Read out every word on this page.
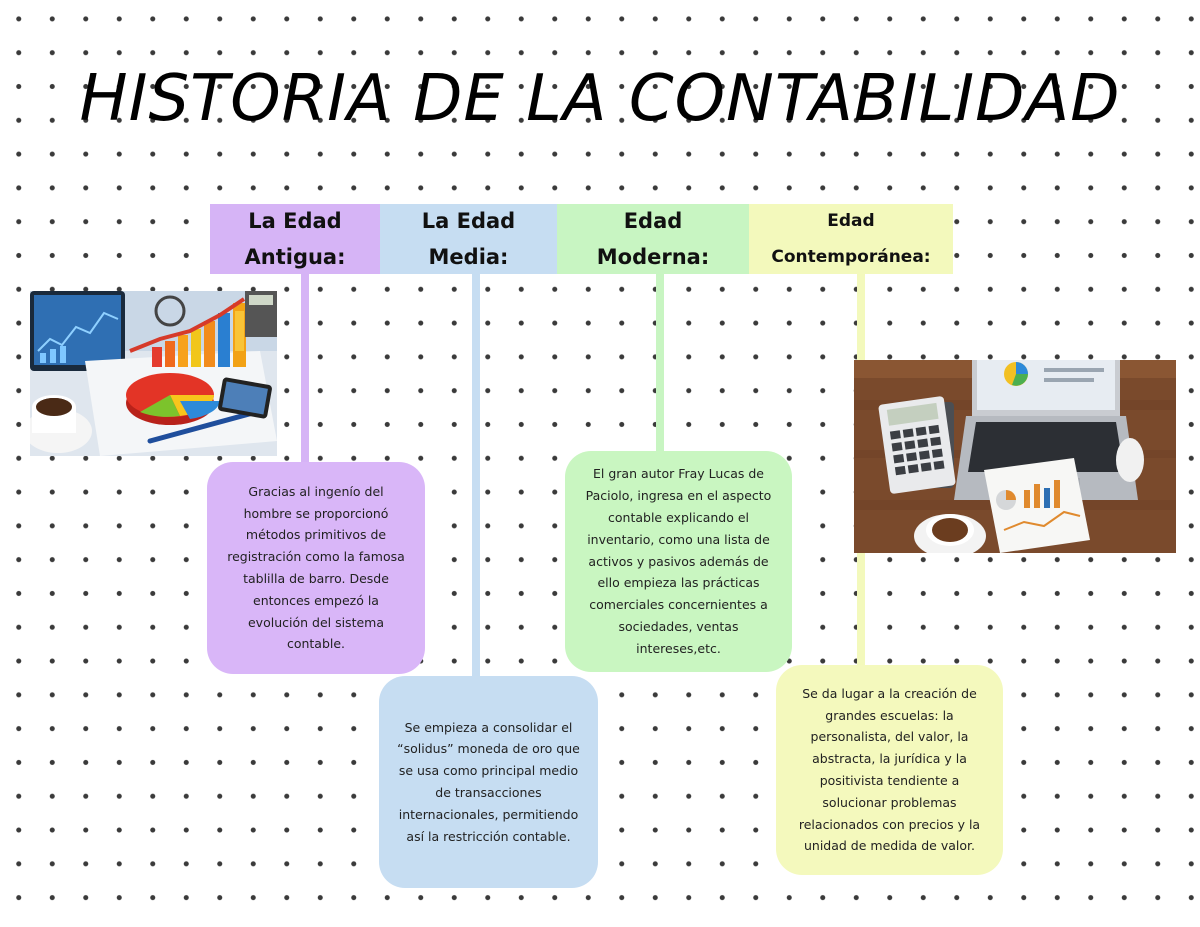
HISTORIA DE LA CONTABILIDAD
La Edad
Antigua:
La Edad
Media:
Edad
Moderna:
Edad
Contemporánea:
Gracias al ingenío del hombre se proporcionó métodos primitivos de registración como la famosa tablilla de barro. Desde entonces empezó la evolución del sistema contable.
Se empieza a consolidar el “solidus” moneda de oro que se usa como principal medio de transacciones internacionales, permitiendo así la restricción contable.
El gran autor Fray Lucas de Paciolo, ingresa en el aspecto contable explicando el inventario, como una lista de activos y pasivos además de ello empieza las prácticas comerciales concernientes a sociedades, ventas intereses,etc.
Se da lugar a la creación de grandes escuelas: la personalista, del valor, la abstracta, la jurídica y la positivista tendiente a solucionar problemas relacionados con precios y la unidad de medida de valor.
